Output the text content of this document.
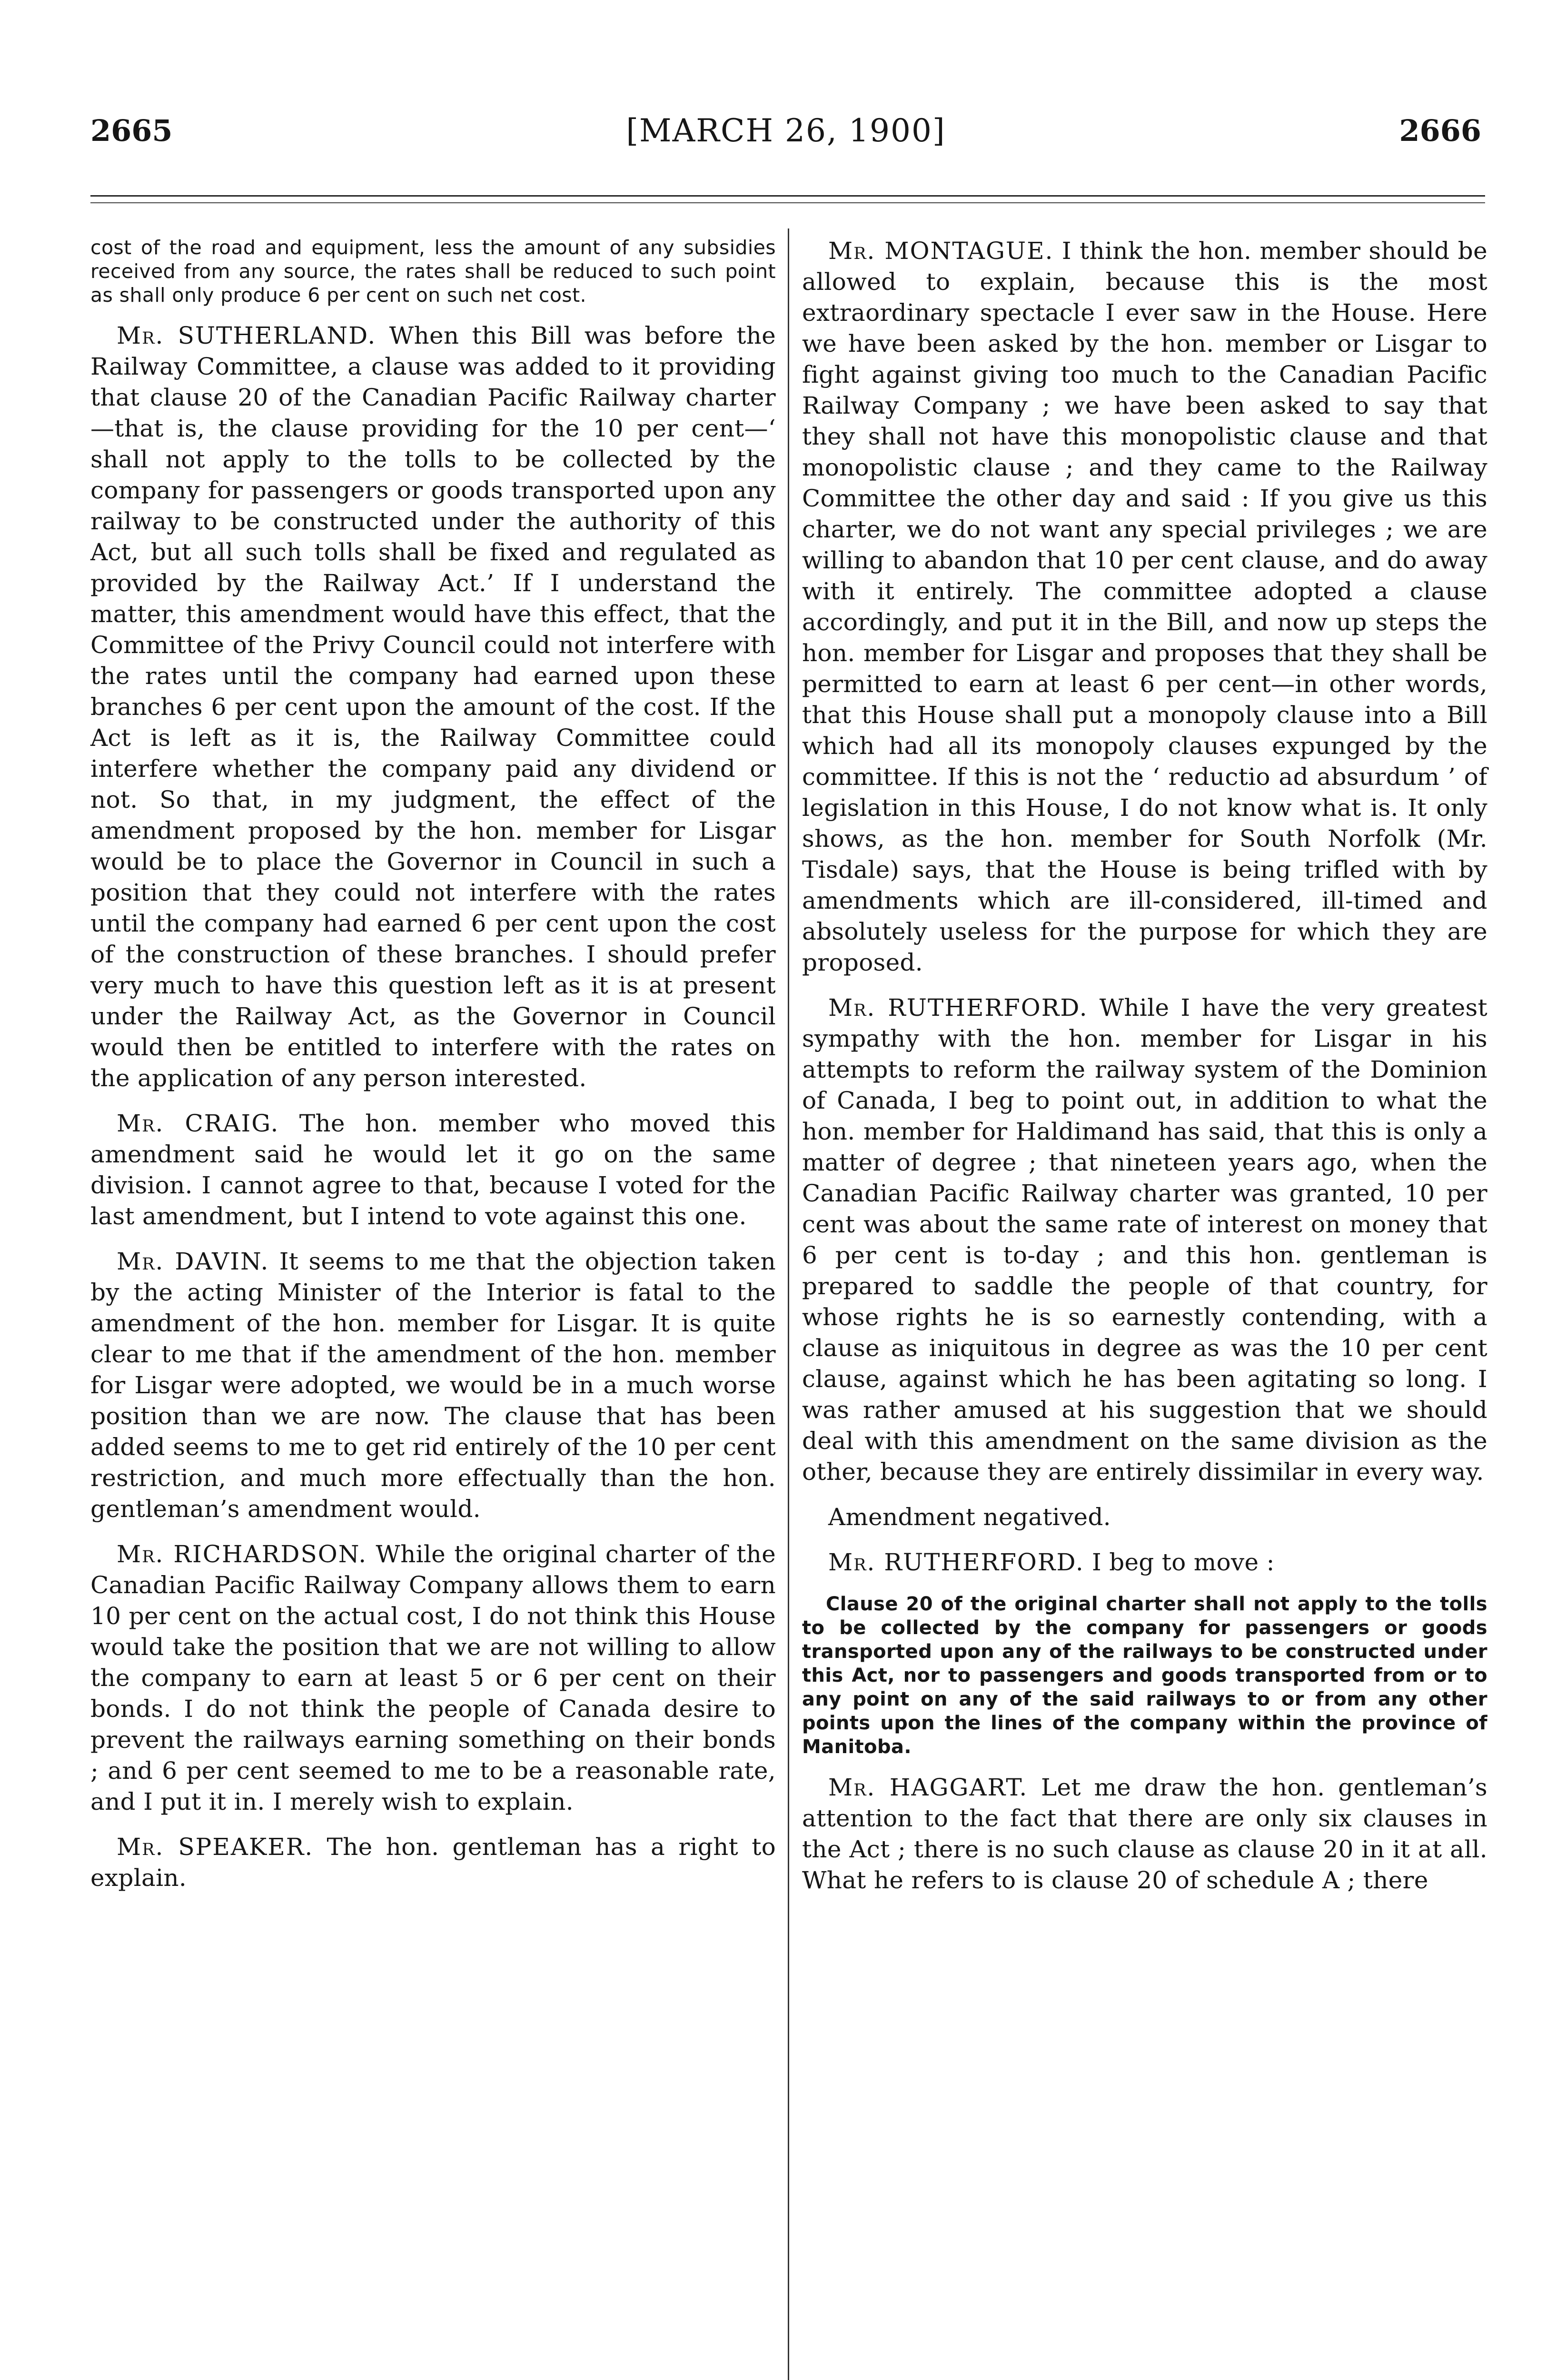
2665	[MARCH 26, 1900]	2666

cost of the road and equipment, less the amount of any subsidies received from any source, the rates shall be reduced to such point as shall only produce 6 per cent on such net cost.

Mr. SUTHERLAND. When this Bill was before the Railway Committee, a clause was added to it providing that clause 20 of the Canadian Pacific Railway charter—that is, the clause providing for the 10 per cent—‘ shall not apply to the tolls to be collected by the company for passengers or goods transported upon any railway to be constructed under the authority of this Act, but all such tolls shall be fixed and regulated as provided by the Railway Act.’ If I understand the matter, this amendment would have this effect, that the Committee of the Privy Council could not interfere with the rates until the company had earned upon these branches 6 per cent upon the amount of the cost. If the Act is left as it is, the Railway Committee could interfere whether the company paid any dividend or not. So that, in my judgment, the effect of the amendment proposed by the hon. member for Lisgar would be to place the Governor in Council in such a position that they could not interfere with the rates until the company had earned 6 per cent upon the cost of the construction of these branches. I should prefer very much to have this question left as it is at present under the Railway Act, as the Governor in Council would then be entitled to interfere with the rates on the application of any person interested.

Mr. CRAIG. The hon. member who moved this amendment said he would let it go on the same division. I cannot agree to that, because I voted for the last amendment, but I intend to vote against this one.

Mr. DAVIN. It seems to me that the objection taken by the acting Minister of the Interior is fatal to the amendment of the hon. member for Lisgar. It is quite clear to me that if the amendment of the hon. member for Lisgar were adopted, we would be in a much worse position than we are now. The clause that has been added seems to me to get rid entirely of the 10 per cent restriction, and much more effectually than the hon. gentleman’s amendment would.

Mr. RICHARDSON. While the original charter of the Canadian Pacific Railway Company allows them to earn 10 per cent on the actual cost, I do not think this House would take the position that we are not willing to allow the company to earn at least 5 or 6 per cent on their bonds. I do not think the people of Canada desire to prevent the railways earning something on their bonds ; and 6 per cent seemed to me to be a reasonable rate, and I put it in. I merely wish to explain.

Mr. SPEAKER. The hon. gentleman has a right to explain.

Mr. MONTAGUE. I think the hon. member should be allowed to explain, because this is the most extraordinary spectacle I ever saw in the House. Here we have been asked by the hon. member or Lisgar to fight against giving too much to the Canadian Pacific Railway Company ; we have been asked to say that they shall not have this monopolistic clause and that monopolistic clause ; and they came to the Railway Committee the other day and said : If you give us this charter, we do not want any special privileges ; we are willing to abandon that 10 per cent clause, and do away with it entirely. The committee adopted a clause accordingly, and put it in the Bill, and now up steps the hon. member for Lisgar and proposes that they shall be permitted to earn at least 6 per cent—in other words, that this House shall put a monopoly clause into a Bill which had all its monopoly clauses expunged by the committee. If this is not the ‘ reductio ad absurdum ’ of legislation in this House, I do not know what is. It only shows, as the hon. member for South Norfolk (Mr. Tisdale) says, that the House is being trifled with by amendments which are ill-considered, ill-timed and absolutely useless for the purpose for which they are proposed.

Mr. RUTHERFORD. While I have the very greatest sympathy with the hon. member for Lisgar in his attempts to reform the railway system of the Dominion of Canada, I beg to point out, in addition to what the hon. member for Haldimand has said, that this is only a matter of degree ; that nineteen years ago, when the Canadian Pacific Railway charter was granted, 10 per cent was about the same rate of interest on money that 6 per cent is to-day ; and this hon. gentleman is prepared to saddle the people of that country, for whose rights he is so earnestly contending, with a clause as iniquitous in degree as was the 10 per cent clause, against which he has been agitating so long. I was rather amused at his suggestion that we should deal with this amendment on the same division as the other, because they are entirely dissimilar in every way.

Amendment negatived.

Mr. RUTHERFORD. I beg to move :

Clause 20 of the original charter shall not apply to the tolls to be collected by the company for passengers or goods transported upon any of the railways to be constructed under this Act, nor to passengers and goods transported from or to any point on any of the said railways to or from any other points upon the lines of the company within the province of Manitoba.

Mr. HAGGART. Let me draw the hon. gentleman’s attention to the fact that there are only six clauses in the Act ; there is no such clause as clause 20 in it at all. What he refers to is clause 20 of schedule A ; there
